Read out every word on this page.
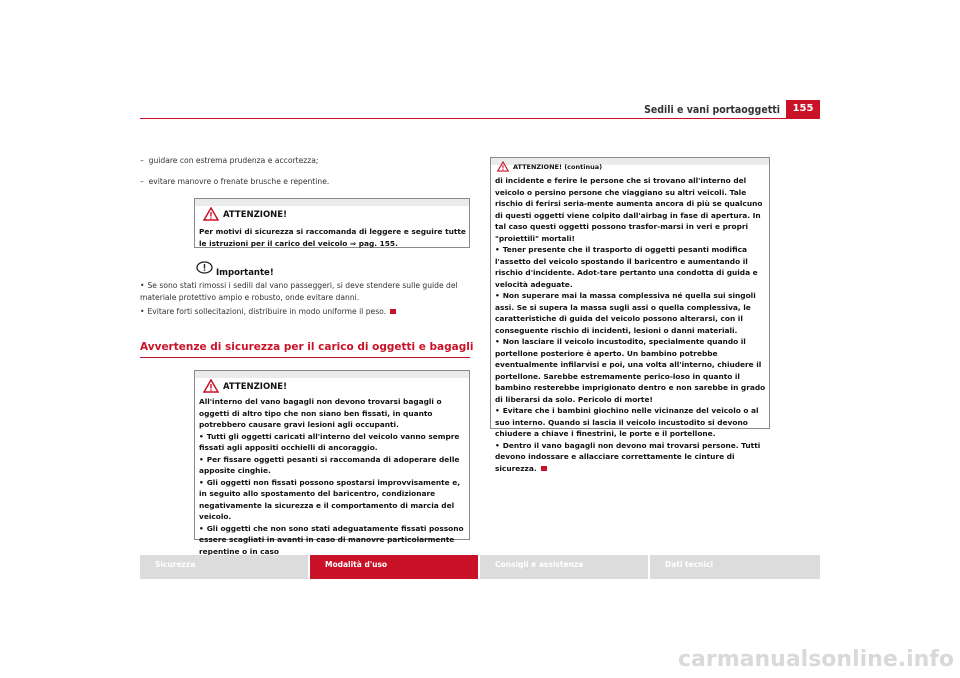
Sedili e vani portaoggetti	155
–  guidare con estrema prudenza e accortezza;
–  evitare manovre o frenate brusche e repentine.
ATTENZIONE!
Per motivi di sicurezza si raccomanda di leggere e seguire tutte le istruzioni per il carico del veicolo ⇒ pag. 155.
Importante!
• Se sono stati rimossi i sedili dal vano passeggeri, si deve stendere sulle guide del materiale protettivo ampio e robusto, onde evitare danni.
• Evitare forti sollecitazioni, distribuire in modo uniforme il peso.
Avvertenze di sicurezza per il carico di oggetti e bagagli
ATTENZIONE!

All'interno del vano bagagli non devono trovarsi bagagli o oggetti di altro tipo che non siano ben fissati, in quanto potrebbero causare gravi lesioni agli occupanti.

• Tutti gli oggetti caricati all'interno del veicolo vanno sempre fissati agli appositi occhielli di ancoraggio.

• Per fissare oggetti pesanti si raccomanda di adoperare delle apposite cinghie.

• Gli oggetti non fissati possono spostarsi improvvisamente e, in seguito allo spostamento del baricentro, condizionare negativamente la sicurezza e il comportamento di marcia del veicolo.

• Gli oggetti che non sono stati adeguatamente fissati possono essere scagliati in avanti in caso di manovre particolarmente repentine o in caso

ATTENZIONE! (continua)

di incidente e ferire le persone che si trovano all'interno del veicolo o persino persone che viaggiano su altri veicoli. Tale rischio di ferirsi seria-mente aumenta ancora di più se qualcuno di questi oggetti viene colpito dall'airbag in fase di apertura. In tal caso questi oggetti possono trasfor-marsi in veri e propri "proiettili" mortali!

• Tener presente che il trasporto di oggetti pesanti modifica l'assetto del veicolo spostando il baricentro e aumentando il rischio d'incidente. Adot-tare pertanto una condotta di guida e velocità adeguate.

• Non superare mai la massa complessiva né quella sui singoli assi. Se si supera la massa sugli assi o quella complessiva, le caratteristiche di guida del veicolo possono alterarsi, con il conseguente rischio di incidenti, lesioni o danni materiali.

• Non lasciare il veicolo incustodito, specialmente quando il portellone posteriore è aperto. Un bambino potrebbe eventualmente infilarvisi e poi, una volta all'interno, chiudere il portellone. Sarebbe estremamente perico-loso in quanto il bambino resterebbe imprigionato dentro e non sarebbe in grado di liberarsi da solo. Pericolo di morte!

• Evitare che i bambini giochino nelle vicinanze del veicolo o al suo interno. Quando si lascia il veicolo incustodito si devono chiudere a chiave i finestrini, le porte e il portellone.

• Dentro il vano bagagli non devono mai trovarsi persone. Tutti devono indossare e allacciare correttamente le cinture di sicurezza.

Sicurezza	Modalità d'uso	Consigli e assistenza	Dati tecnici
carmanualsonline.info
